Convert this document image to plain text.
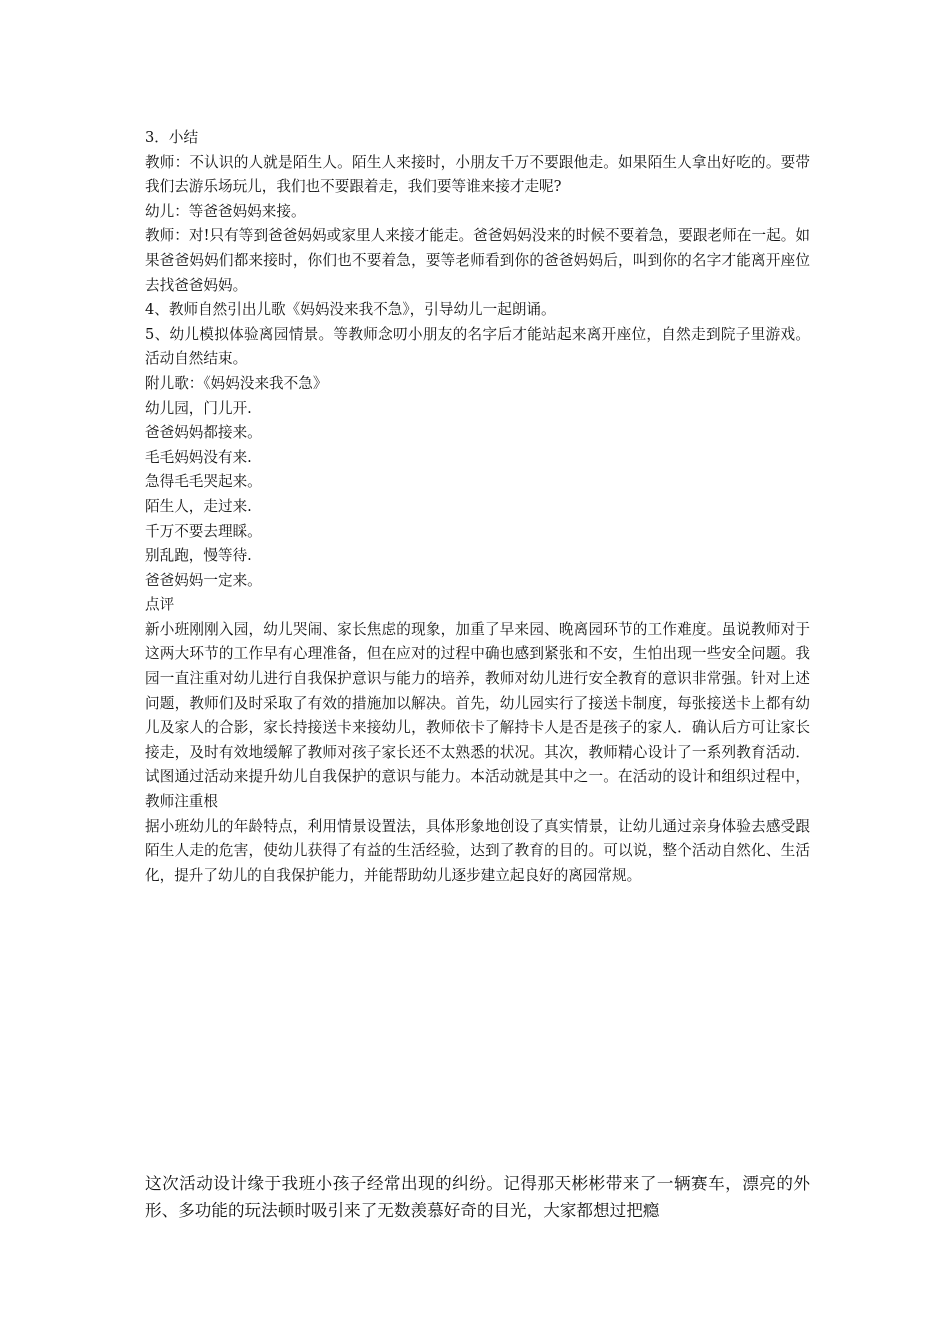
3．小结

教师：不认识的人就是陌生人。陌生人来接时，小朋友千万不要跟他走。如果陌生人拿出好吃的。要带我们去游乐场玩儿，我们也不要跟着走，我们要等谁来接才走呢?

幼儿：等爸爸妈妈来接。

教师：对!只有等到爸爸妈妈或家里人来接才能走。爸爸妈妈没来的时候不要着急，要跟老师在一起。如果爸爸妈妈们都来接时，你们也不要着急，要等老师看到你的爸爸妈妈后，叫到你的名字才能离开座位去找爸爸妈妈。

4、教师自然引出儿歌《妈妈没来我不急》，引导幼儿一起朗诵。

5、幼儿模拟体验离园情景。等教师念叨小朋友的名字后才能站起来离开座位，自然走到院子里游戏。活动自然结束。

附儿歌：《妈妈没来我不急》

幼儿园，门儿开.

爸爸妈妈都接来。

毛毛妈妈没有来.

急得毛毛哭起来。

陌生人，走过来.

千万不要去理睬。

别乱跑，慢等待.

爸爸妈妈一定来。

点评

新小班刚刚入园，幼儿哭闹、家长焦虑的现象，加重了早来园、晚离园环节的工作难度。虽说教师对于这两大环节的工作早有心理准备，但在应对的过程中确也感到紧张和不安，生怕出现一些安全问题。我园一直注重对幼儿进行自我保护意识与能力的培养，教师对幼儿进行安全教育的意识非常强。针对上述问题，教师们及时采取了有效的措施加以解决。首先，幼儿园实行了接送卡制度，每张接送卡上都有幼儿及家人的合影，家长持接送卡来接幼儿，教师依卡了解持卡人是否是孩子的家人．确认后方可让家长接走，及时有效地缓解了教师对孩子家长还不太熟悉的状况。其次，教师精心设计了一系列教育活动．试图通过活动来提升幼儿自我保护的意识与能力。本活动就是其中之一。在活动的设计和组织过程中，教师注重根

据小班幼儿的年龄特点，利用情景设置法，具体形象地创设了真实情景，让幼儿通过亲身体验去感受跟陌生人走的危害，使幼儿获得了有益的生活经验，达到了教育的目的。可以说，整个活动自然化、生活化，提升了幼儿的自我保护能力，并能帮助幼儿逐步建立起良好的离园常规。

这次活动设计缘于我班小孩子经常出现的纠纷。记得那天彬彬带来了一辆赛车，漂亮的外形、多功能的玩法顿时吸引来了无数羡慕好奇的目光，大家都想过把瘾
